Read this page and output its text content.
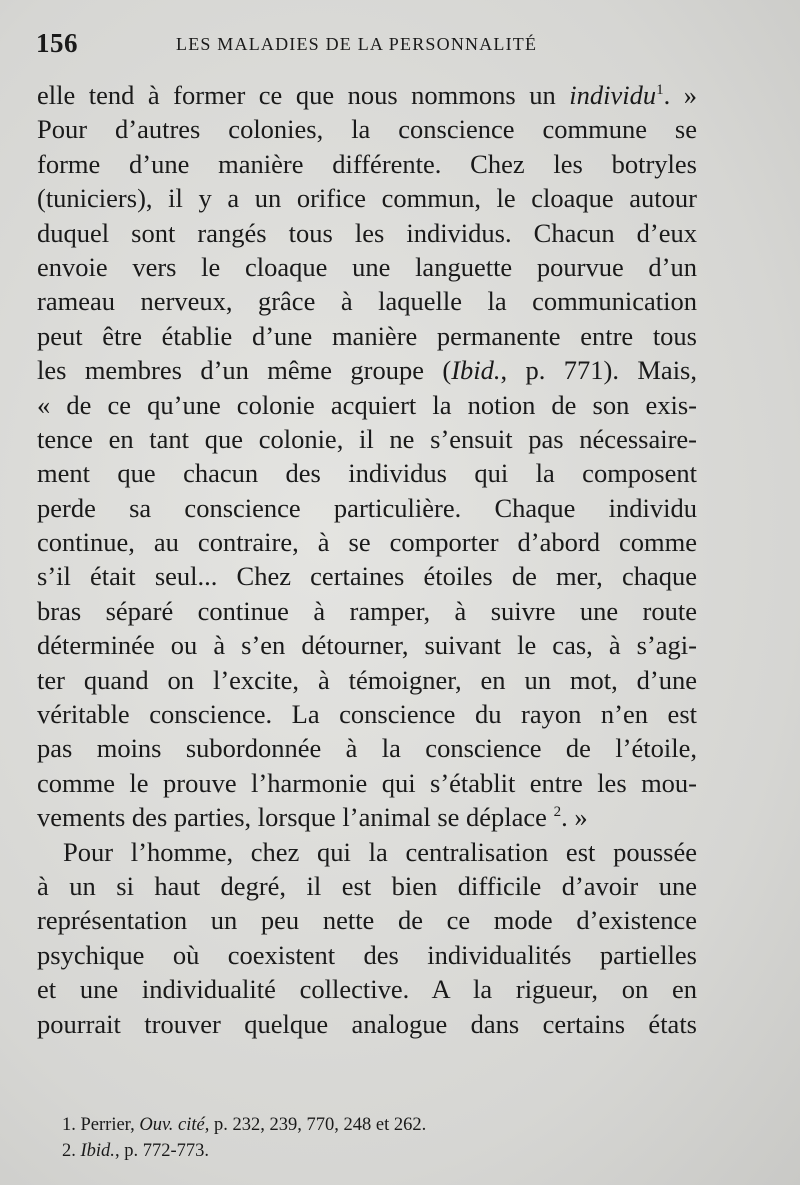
156	LES MALADIES DE LA PERSONNALITÉ
elle tend à former ce que nous nommons un individu$^1$. »
Pour d’autres colonies, la conscience commune se
forme d’une manière différente. Chez les botryles
(tuniciers), il y a un orifice commun, le cloaque autour
duquel sont rangés tous les individus. Chacun d’eux
envoie vers le cloaque une languette pourvue d’un
rameau nerveux, grâce à laquelle la communication
peut être établie d’une manière permanente entre tous
les membres d’un même groupe (Ibid., p. 771). Mais,
« de ce qu’une colonie acquiert la notion de son exis-
tence en tant que colonie, il ne s’ensuit pas nécessaire-
ment que chacun des individus qui la composent
perde sa conscience particulière. Chaque individu
continue, au contraire, à se comporter d’abord comme
s’il était seul... Chez certaines étoiles de mer, chaque
bras séparé continue à ramper, à suivre une route
déterminée ou à s’en détourner, suivant le cas, à s’agi-
ter quand on l’excite, à témoigner, en un mot, d’une
véritable conscience. La conscience du rayon n’en est
pas moins subordonnée à la conscience de l’étoile,
comme le prouve l’harmonie qui s’établit entre les mou-
vements des parties, lorsque l’animal se déplace $^2$. »
Pour l’homme, chez qui la centralisation est poussée
à un si haut degré, il est bien difficile d’avoir une
représentation un peu nette de ce mode d’existence
psychique où coexistent des individualités partielles
et une individualité collective. A la rigueur, on en
pourrait trouver quelque analogue dans certains états
1. Perrier, Ouv. cité, p. 232, 239, 770, 248 et 262.
2. Ibid., p. 772-773.
